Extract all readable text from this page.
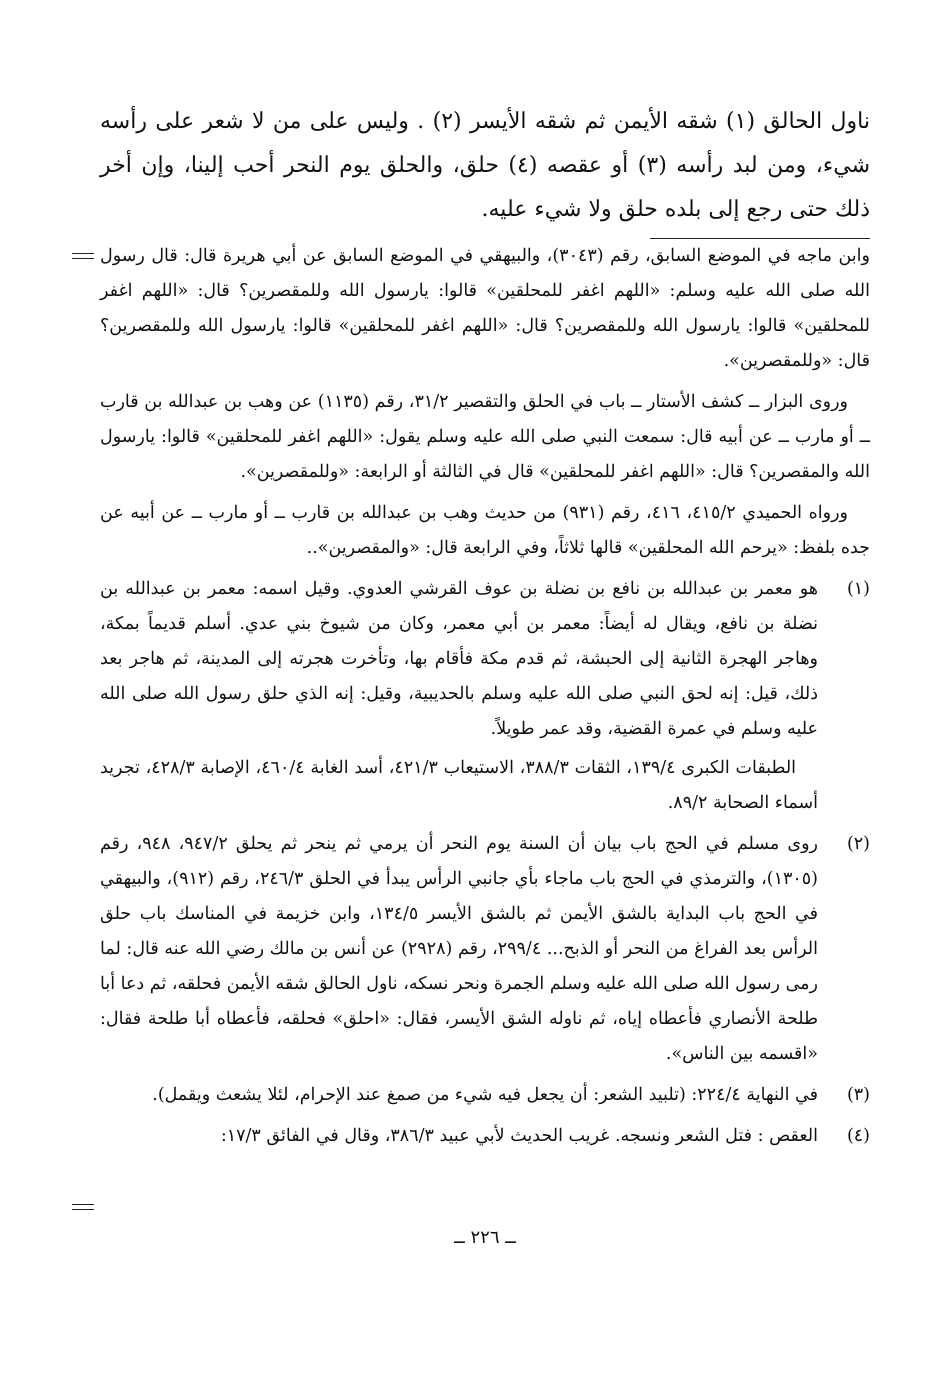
ناول الحالق (١) شقه الأيمن ثم شقه الأيسر (٢) . وليس على من لا شعر على رأسه شيء، ومن لبد رأسه (٣) أو عقصه (٤) حلق، والحلق يوم النحر أحب إلينا، وإن أخر ذلك حتى رجع إلى بلده حلق ولا شيء عليه.

وابن ماجه في الموضع السابق، رقم (٣٠٤٣)، والبيهقي في الموضع السابق عن أبي هريرة قال: قال رسول الله صلى الله عليه وسلم: «اللهم اغفر للمحلقين» قالوا: يارسول الله وللمقصرين؟ قال: «اللهم اغفر للمحلقين» قالوا: يارسول الله وللمقصرين؟ قال: «اللهم اغفر للمحلقين» قالوا: يارسول الله وللمقصرين؟ قال: «وللمقصرين».

وروى البزار ــ كشف الأستار ــ باب في الحلق والتقصير ٣١/٢، رقم (١١٣٥) عن وهب بن عبدالله بن قارب ــ أو مارب ــ عن أبيه قال: سمعت النبي صلى الله عليه وسلم يقول: «اللهم اغفر للمحلقين» قالوا: يارسول الله والمقصرين؟ قال: «اللهم اغفر للمحلقين» قال في الثالثة أو الرابعة: «وللمقصرين».

ورواه الحميدي ٤١٥/٢، ٤١٦، رقم (٩٣١) من حديث وهب بن عبدالله بن قارب ــ أو مارب ــ عن أبيه عن جده بلفظ: «يرحم الله المحلقين» قالها ثلاثاً، وفي الرابعة قال: «والمقصرين»..

(١)

هو معمر بن عبدالله بن نافع بن نضلة بن عوف القرشي العدوي. وقيل اسمه: معمر بن عبدالله بن نضلة بن نافع، ويقال له أيضاً: معمر بن أبي معمر، وكان من شيوخ بني عدي. أسلم قديماً بمكة، وهاجر الهجرة الثانية إلى الحبشة، ثم قدم مكة فأقام بها، وتأخرت هجرته إلى المدينة، ثم هاجر بعد ذلك، قيل: إنه لحق النبي صلى الله عليه وسلم بالحديبية، وقيل: إنه الذي حلق رسول الله صلى الله عليه وسلم في عمرة القضية، وقد عمر طويلاً.

الطبقات الكبرى ١٣٩/٤، الثقات ٣٨٨/٣، الاستيعاب ٤٢١/٣، أسد الغابة ٤٦٠/٤، الإصابة ٤٢٨/٣، تجريد أسماء الصحابة ٨٩/٢.

(٢)

روى مسلم في الحج باب بيان أن السنة يوم النحر أن يرمي ثم ينحر ثم يحلق ٩٤٧/٢، ٩٤٨، رقم (١٣٠٥)، والترمذي في الحج باب ماجاء بأي جانبي الرأس يبدأ في الحلق ٢٤٦/٣، رقم (٩١٢)، والبيهقي في الحج باب البداية بالشق الأيمن ثم بالشق الأيسر ١٣٤/٥، وابن خزيمة في المناسك باب حلق الرأس بعد الفراغ من النحر أو الذبح... ٢٩٩/٤، رقم (٢٩٢٨) عن أنس بن مالك رضي الله عنه قال: لما رمى رسول الله صلى الله عليه وسلم الجمرة ونحر نسكه، ناول الحالق شقه الأيمن فحلقه، ثم دعا أبا طلحة الأنصاري فأعطاه إياه، ثم ناوله الشق الأيسر، فقال: «احلق» فحلقه، فأعطاه أبا طلحة فقال: «اقسمه بين الناس».

(٣)

في النهاية ٢٢٤/٤: (تلبيد الشعر: أن يجعل فيه شيء من صمغ عند الإحرام، لئلا يشعث ويقمل).

(٤)

العقص : فتل الشعر ونسجه. غريب الحديث لأبي عبيد ٣٨٦/٣، وقال في الفائق ١٧/٣:

ــ ٢٢٦ ــ
